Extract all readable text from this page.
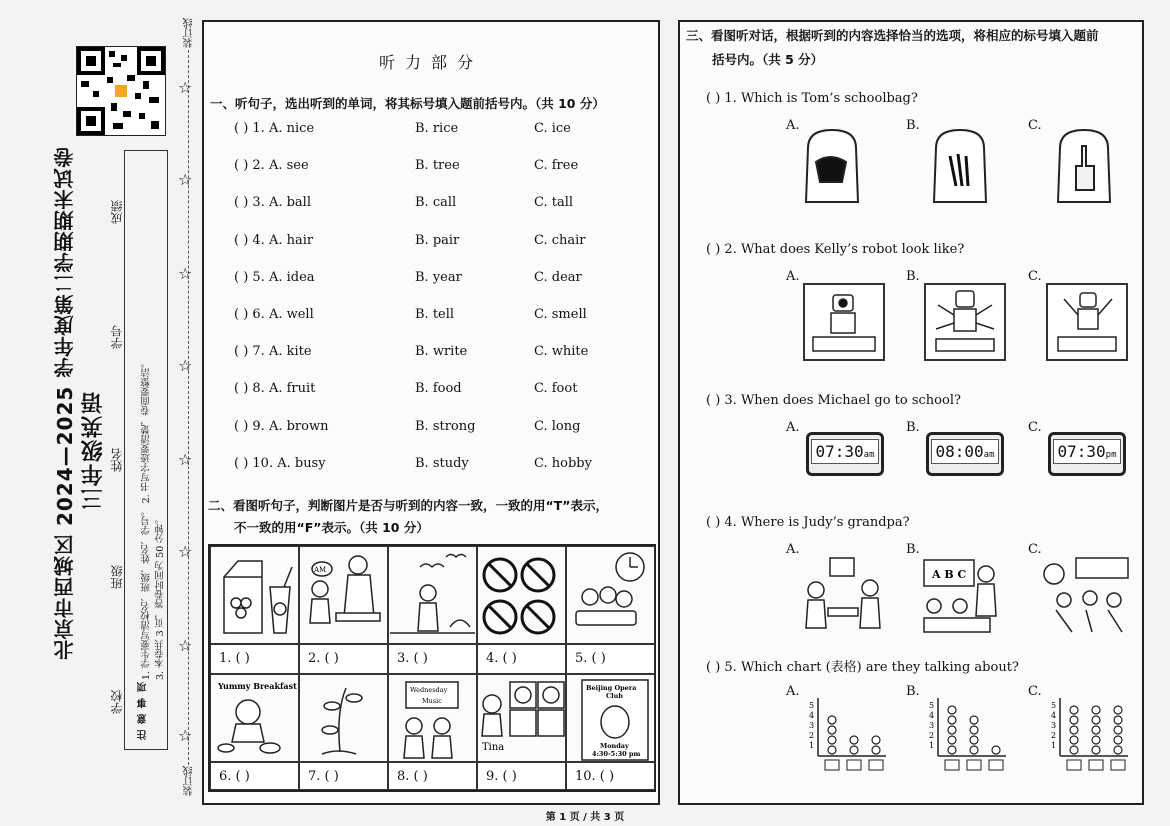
北京市西城区 2024—2025 学年度第二学期期末试卷 三年级英语
学校
班级
姓名
学号
成绩
注意事项
1. 学生要写清校名、班级、姓名、学号。 2. 书写字迹要清楚，卷面要整洁。 3. 本卷共 3 页，答卷时间为 50 分钟。
装订线
装订线
☆
☆
☆
☆
☆
☆
☆
☆
听力部分
一、听句子，选出听到的单词，将其标号填入题前括号内。（共 10 分）
( ) 1. A. nice	B. rice	C. ice
( ) 2. A. see	B. tree	C. free
( ) 3. A. ball	B. call	C. tall
( ) 4. A. hair	B. pair	C. chair
( ) 5. A. idea	B. year	C. dear
( ) 6. A. well	B. tell	C. smell
( ) 7. A. kite	B. write	C. white
( ) 8. A. fruit	B. food	C. foot
( ) 9. A. brown	B. strong	C. long
( ) 10. A. busy	B. study	C. hobby
二、看图听句子，判断图片是否与听到的内容一致，一致的用“T”表示，
不一致的用“F”表示。（共 10 分）
1. ( )	2. ( )	3. ( )	4. ( )	5. ( )
6. ( )	7. ( )	8. ( )	9. ( )	10. ( )
AM
Yummy Breakfast	Wednesday
Music
Tina
Beijing Opera
Club
Monday
4:30-5:30 pm
三、看图听对话，根据听到的内容选择恰当的选项，将相应的标号填入题前
括号内。（共 5 分）
( ) 1. Which is Tom’s schoolbag?
( ) 2. What does Kelly’s robot look like?
( ) 3. When does Michael go to school?
( ) 4. Where is Judy’s grandpa?
( ) 5. Which chart (表格) are they talking about?
A.	B.	C.
A.	B.	C.
A.	B.	C.
A.	B.	C.
A.	B.	C.
07:30am	08:00am	07:30pm
A B C
5
4
3
2
1
5
4
3
2
1
5
4
3
2
1
第 1 页 / 共 3 页
